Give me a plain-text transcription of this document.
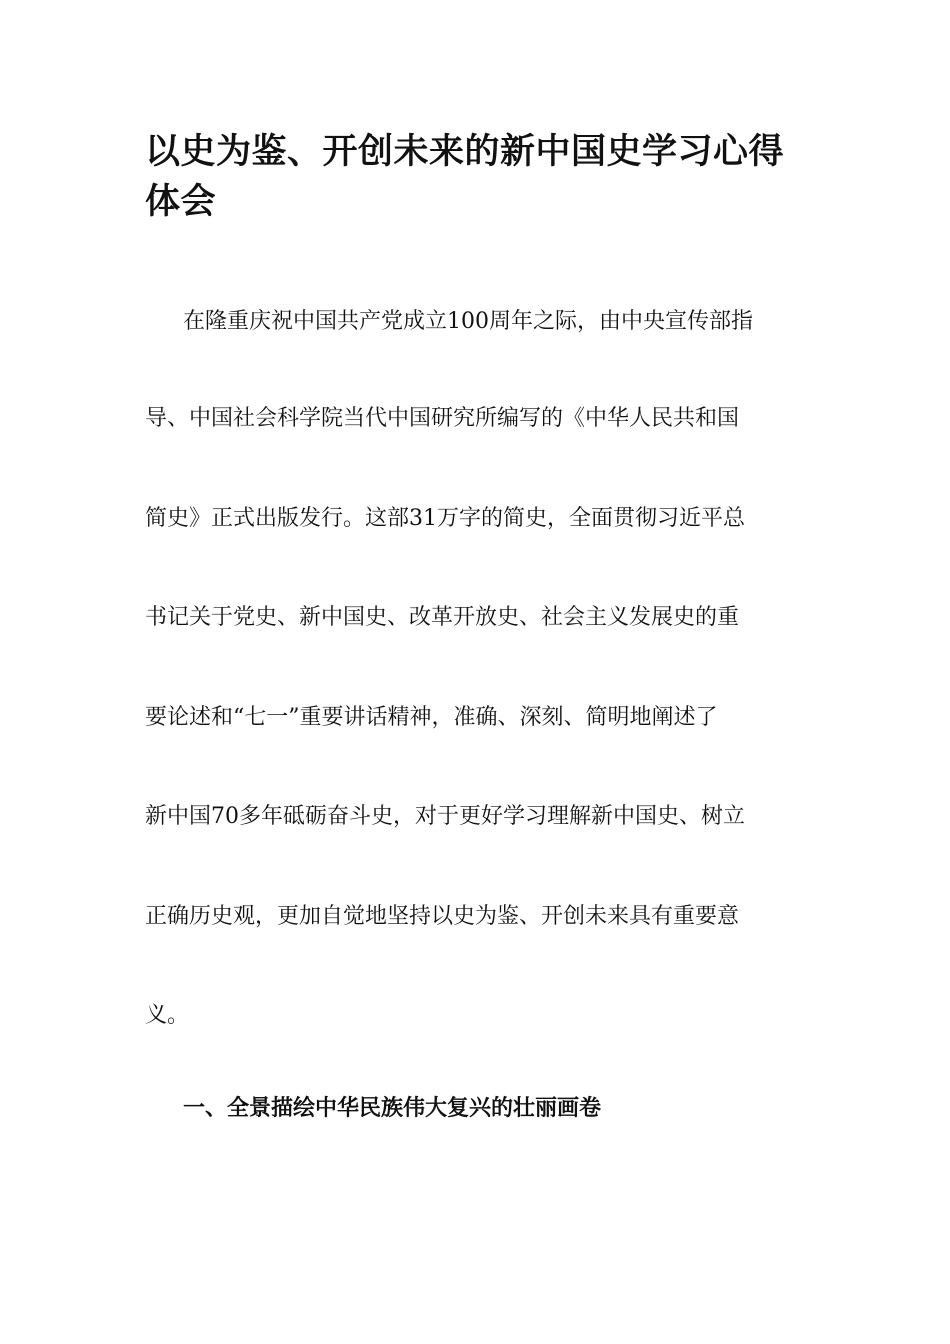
以史为鉴、开创未来的新中国史学习心得体会

在隆重庆祝中国共产党成立100周年之际，由中央宣传部指

导、中国社会科学院当代中国研究所编写的《中华人民共和国

简史》正式出版发行。这部31万字的简史，全面贯彻习近平总

书记关于党史、新中国史、改革开放史、社会主义发展史的重

要论述和“七一”重要讲话精神，准确、深刻、简明地阐述了

新中国70多年砥砺奋斗史，对于更好学习理解新中国史、树立

正确历史观，更加自觉地坚持以史为鉴、开创未来具有重要意

义。

一、全景描绘中华民族伟大复兴的壮丽画卷
